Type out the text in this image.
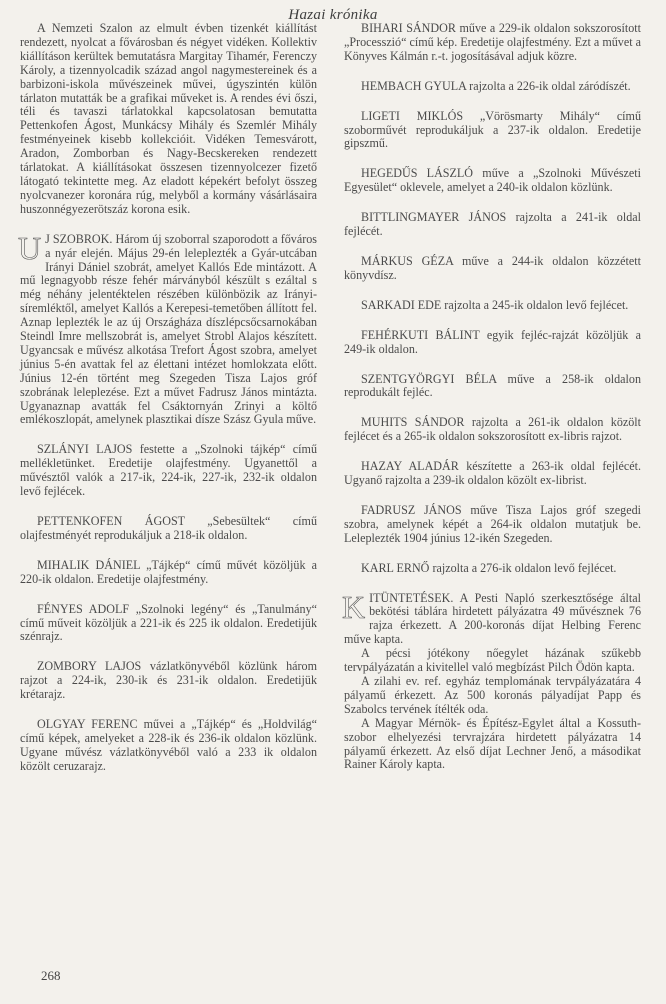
Hazai krónika

A Nemzeti Szalon az elmult évben tizenkét kiállítást rendezett, nyolcat a fővárosban és négyet vidéken. Kollektiv kiállításon kerültek bemutatásra Margitay Tihamér, Ferenczy Károly, a tizennyolcadik század angol nagymestereinek és a barbizoni-iskola művészeinek művei, úgyszintén külön tárlaton mutatták be a grafikai műveket is. A rendes évi őszi, téli és tavaszi tárlatokkal kapcsolatosan bemutatta Pettenkofen Ágost, Munkácsy Mihály és Szemlér Mihály festményeinek kisebb kollekcióit. Vidéken Temesvárott, Aradon, Zomborban és Nagy-Becskereken rendezett tárlatokat. A kiállításokat összesen tizennyolcezer fizető látogató tekintette meg. Az eladott képekért befolyt összeg nyolcvanezer koronára rúg, melyből a kormány vásárlásaira huszonnégyezerötszáz korona esik.

U J SZOBROK. Három új szoborral szaporodott a főváros a nyár elején. Május 29-én leleplezték a Gyár-utcában Irányi Dániel szobrát, amelyet Kallós Ede mintázott. A mű legnagyobb része fehér márványból készült s ezáltal s még néhány jelentéktelen részében különbözik az Irányi-síremléktől, amelyet Kallós a Kerepesi-temetőben állított fel. Aznap leplezték le az új Országháza díszlépcsőcsarnokában Steindl Imre mellszobrát is, amelyet Strobl Alajos készített. Ugyancsak e művész alkotása Trefort Ágost szobra, amelyet június 5-én avattak fel az élettani intézet homlokzata előtt. Június 12-én történt meg Szegeden Tisza Lajos gróf szobrának leleplezése. Ezt a művet Fadrusz János mintázta. Ugyanaznap avatták fel Csáktornyán Zrinyi a költő emlékoszlopát, amelynek plasztikai dísze Szász Gyula műve.

SZLÁNYI LAJOS festette a „Szolnoki tájkép“ című mellékletünket. Eredetije olajfestmény. Ugyanettől a művésztől valók a 217-ik, 224-ik, 227-ik, 232-ik oldalon levő fejlécek.

PETTENKOFEN ÁGOST „Sebesültek“ című olajfestményét reprodukáljuk a 218-ik oldalon.

MIHALIK DÁNIEL „Tájkép“ című művét közöljük a 220-ik oldalon. Eredetije olajfestmény.

FÉNYES ADOLF „Szolnoki legény“ és „Tanulmány“ című műveit közöljük a 221-ik és 225 ik oldalon. Eredetijük szénrajz.

ZOMBORY LAJOS vázlatkönyvéből közlünk három rajzot a 224-ik, 230-ik és 231-ik oldalon. Eredetijük krétarajz.

OLGYAY FERENC művei a „Tájkép“ és „Holdvilág“ című képek, amelyeket a 228-ik és 236-ik oldalon közlünk. Ugyane művész vázlatkönyvéből való a 233 ik oldalon közölt ceruzarajz.

BIHARI SÁNDOR műve a 229-ik oldalon sokszorosított „Processzió“ című kép. Eredetije olajfestmény. Ezt a művet a Könyves Kálmán r.-t. jogosításával adjuk közre.

HEMBACH GYULA rajzolta a 226-ik oldal záródíszét.

LIGETI MIKLÓS „Vörösmarty Mihály“ című szoborművét reprodukáljuk a 237-ik oldalon. Eredetije gipszmű.

HEGEDŰS LÁSZLÓ műve a „Szolnoki Művészeti Egyesület“ oklevele, amelyet a 240-ik oldalon közlünk.

BITTLINGMAYER JÁNOS rajzolta a 241-ik oldal fejlécét.

MÁRKUS GÉZA műve a 244-ik oldalon közzétett könyvdísz.

SARKADI EDE rajzolta a 245-ik oldalon levő fejlécet.

FEHÉRKUTI BÁLINT egyik fejléc-rajzát közöljük a 249-ik oldalon.

SZENTGYÖRGYI BÉLA műve a 258-ik oldalon reprodukált fejléc.

MUHITS SÁNDOR rajzolta a 261-ik oldalon közölt fejlécet és a 265-ik oldalon sokszorosított ex-libris rajzot.

HAZAY ALADÁR készítette a 263-ik oldal fejlécét. Ugyanő rajzolta a 239-ik oldalon közölt ex-librist.

FADRUSZ JÁNOS műve Tisza Lajos gróf szegedi szobra, amelynek képét a 264-ik oldalon mutatjuk be. Leleplezték 1904 június 12-ikén Szegeden.

KARL ERNŐ rajzolta a 276-ik oldalon levő fejlécet.

KITÜNTETÉSEK. A Pesti Napló szerkesztősége által bekötési táblára hirdetett pályázatra 49 művésznek 76 rajza érkezett. A 200-koronás díjat Helbing Ferenc műve kapta.

A pécsi jótékony nőegylet házának szűkebb tervpályázatán a kivitellel való megbízást Pilch Ödön kapta.

A zilahi ev. ref. egyház templomának tervpályázatára 4 pályamű érkezett. Az 500 koronás pályadíjat Papp és Szabolcs tervének ítélték oda.

A Magyar Mérnök- és Építész-Egylet által a Kossuth-szobor elhelyezési tervrajzára hirdetett pályázatra 14 pályamű érkezett. Az első díjat Lechner Jenő, a másodikat Rainer Károly kapta.

268
